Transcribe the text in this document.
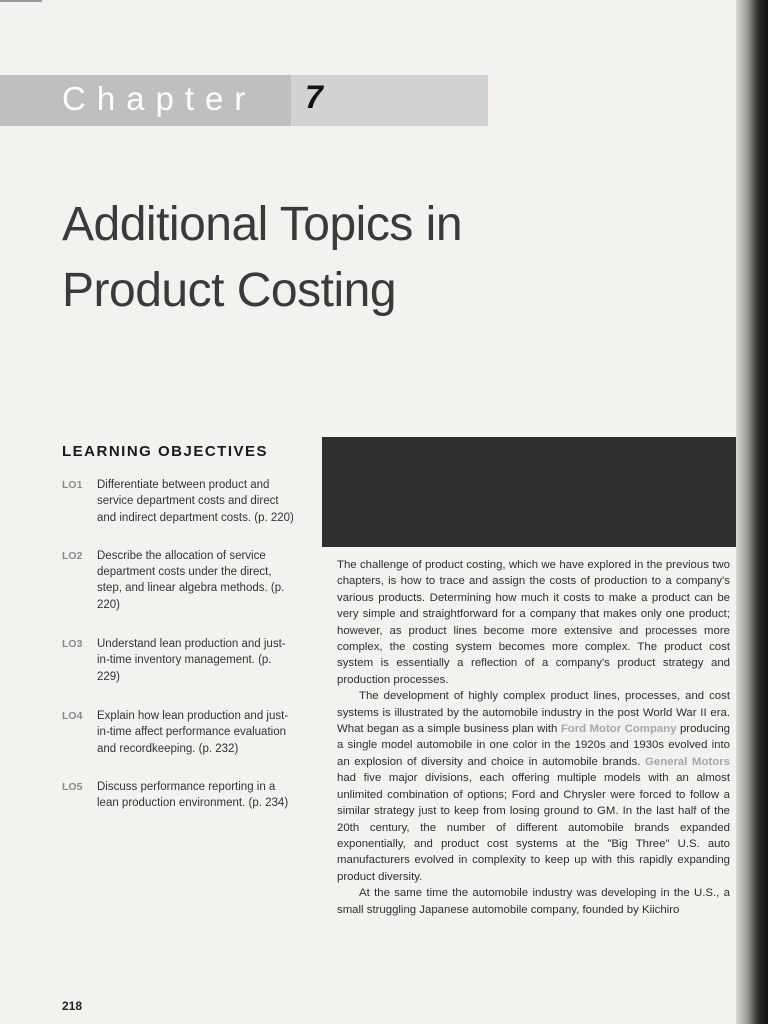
Chapter 7
Additional Topics in
Product Costing
LEARNING OBJECTIVES
LO1	Differentiate between product and service department costs and direct and indirect department costs. (p. 220)
LO2	Describe the allocation of service department costs under the direct, step, and linear algebra methods. (p. 220)
LO3	Understand lean production and just-in-time inventory management. (p. 229)
LO4	Explain how lean production and just-in-time affect performance evaluation and recordkeeping. (p. 232)
LO5	Discuss performance reporting in a lean production environment. (p. 234)

The challenge of product costing, which we have explored in the previous two chapters, is how to trace and assign the costs of production to a company's various products. Determining how much it costs to make a product can be very simple and straightforward for a company that makes only one product; however, as product lines become more extensive and processes more complex, the costing system becomes more complex. The product cost system is essentially a reflection of a company's product strategy and production processes.

The development of highly complex product lines, processes, and cost systems is illustrated by the automobile industry in the post World War II era. What began as a simple business plan with Ford Motor Company producing a single model automobile in one color in the 1920s and 1930s evolved into an explosion of diversity and choice in automobile brands. General Motors had five major divisions, each offering multiple models with an almost unlimited combination of options; Ford and Chrysler were forced to follow a similar strategy just to keep from losing ground to GM. In the last half of the 20th century, the number of different automobile brands expanded exponentially, and product cost systems at the "Big Three" U.S. auto manufacturers evolved in complexity to keep up with this rapidly expanding product diversity.

At the same time the automobile industry was developing in the U.S., a small struggling Japanese automobile company, founded by Kiichiro

218
